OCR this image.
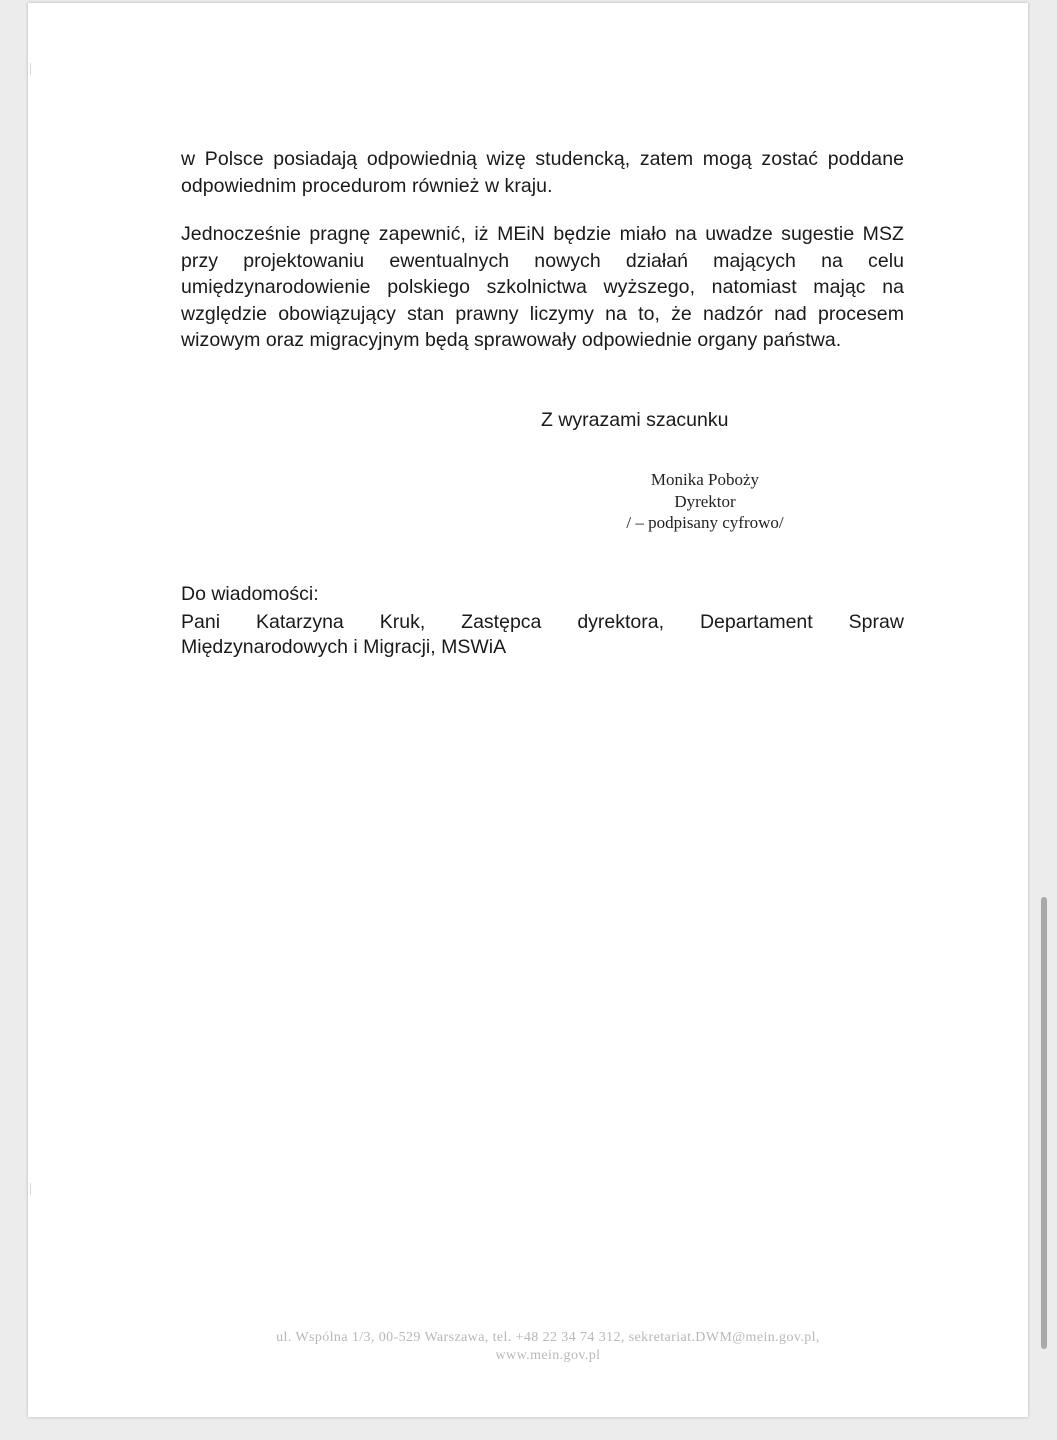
w Polsce posiadają odpowiednią wizę studencką, zatem mogą zostać poddane odpowiednim procedurom również w kraju.

Jednocześnie pragnę zapewnić, iż MEiN będzie miało na uwadze sugestie MSZ przy projektowaniu ewentualnych nowych działań mających na celu umiędzynarodowienie polskiego szkolnictwa wyższego, natomiast mając na względzie obowiązujący stan prawny liczymy na to, że nadzór nad procesem wizowym oraz migracyjnym będą sprawowały odpowiednie organy państwa.

Z wyrazami szacunku
Monika Poboży
Dyrektor
/ – podpisany cyfrowo/
Do wiadomości:
Pani Katarzyna Kruk, Zastępca dyrektora, Departament Spraw
Międzynarodowych i Migracji, MSWiA
ul. Wspólna 1/3, 00-529 Warszawa, tel. +48 22 34 74 312, sekretariat.DWM@mein.gov.pl,
www.mein.gov.pl
